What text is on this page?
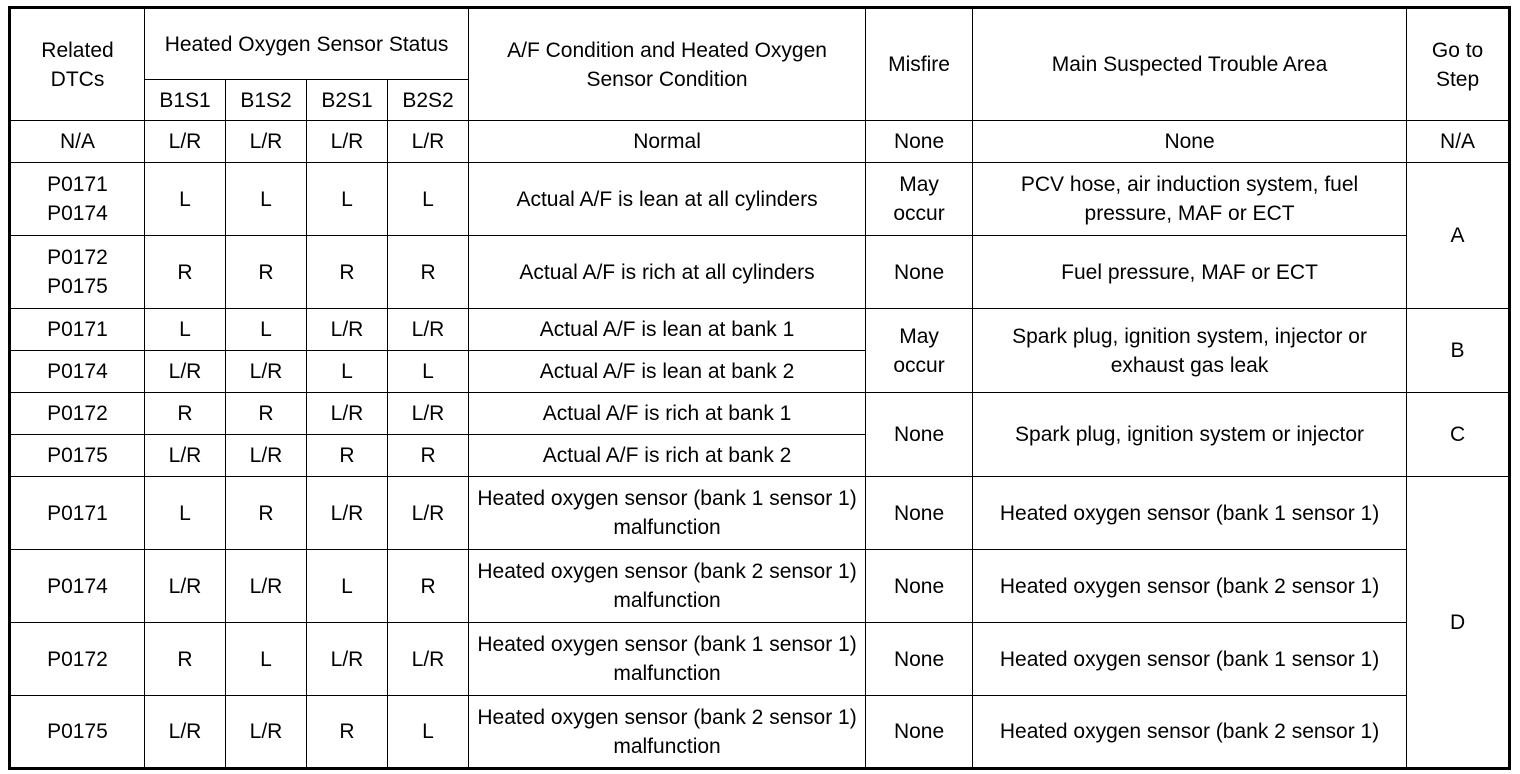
Related DTCs	Heated Oxygen Sensor Status				A/F Condition and Heated Oxygen Sensor Condition	Misfire	Main Suspected Trouble Area	Go to Step
	B1S1	B1S2	B2S1	B2S2				
N/A	L/R	L/R	L/R	L/R	Normal	None	None	N/A
P0171 P0174	L	L	L	L	Actual A/F is lean at all cylinders	May occur	PCV hose, air induction system, fuel pressure, MAF or ECT	A
P0172 P0175	R	R	R	R	Actual A/F is rich at all cylinders	None	Fuel pressure, MAF or ECT	
P0171	L	L	L/R	L/R	Actual A/F is lean at bank 1	May occur	Spark plug, ignition system, injector or exhaust gas leak	B
P0174	L/R	L/R	L	L	Actual A/F is lean at bank 2			
P0172	R	R	L/R	L/R	Actual A/F is rich at bank 1	None	Spark plug, ignition system or injector	C
P0175	L/R	L/R	R	R	Actual A/F is rich at bank 2			
P0171	L	R	L/R	L/R	Heated oxygen sensor (bank 1 sensor 1) malfunction	None	Heated oxygen sensor (bank 1 sensor 1)	D
P0174	L/R	L/R	L	R	Heated oxygen sensor (bank 2 sensor 1) malfunction	None	Heated oxygen sensor (bank 2 sensor 1)	
P0172	R	L	L/R	L/R	Heated oxygen sensor (bank 1 sensor 1) malfunction	None	Heated oxygen sensor (bank 1 sensor 1)	
P0175	L/R	L/R	R	L	Heated oxygen sensor (bank 2 sensor 1) malfunction	None	Heated oxygen sensor (bank 2 sensor 1)	
